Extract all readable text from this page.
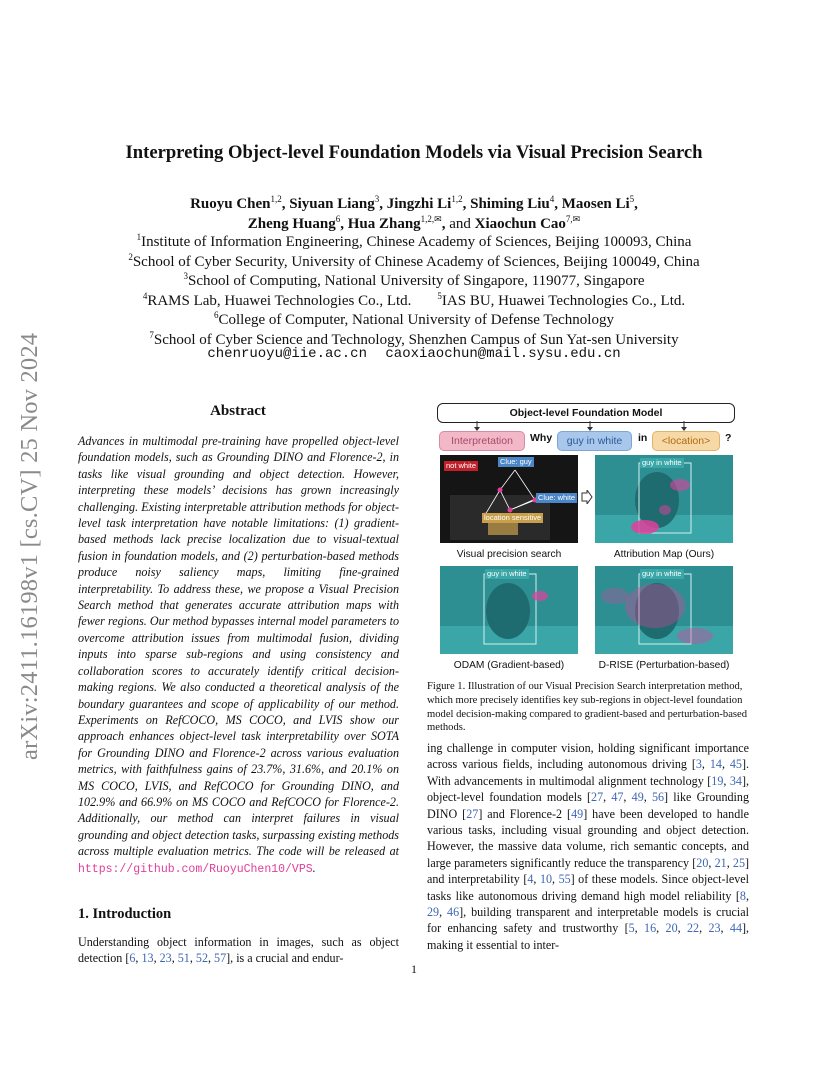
arXiv:2411.16198v1 [cs.CV] 25 Nov 2024
Interpreting Object-level Foundation Models via Visual Precision Search
Ruoyu Chen$^{1,2}$, Siyuan Liang$^3$, Jingzhi Li$^{1,2}$, Shiming Liu$^4$, Maosen Li$^5$,
Zheng Huang$^6$, Hua Zhang$^{1,2,✉}$, and Xiaochun Cao$^{7,✉}$
$^1$Institute of Information Engineering, Chinese Academy of Sciences, Beijing 100093, China
$^2$School of Cyber Security, University of Chinese Academy of Sciences, Beijing 100049, China
$^3$School of Computing, National University of Singapore, 119077, Singapore
$^4$RAMS Lab, Huawei Technologies Co., Ltd.	$^5$IAS BU, Huawei Technologies Co., Ltd.
$^6$College of Computer, National University of Defense Technology
$^7$School of Cyber Science and Technology, Shenzhen Campus of Sun Yat-sen University
chenruoyu@iie.ac.cn caoxiaochun@mail.sysu.edu.cn
Abstract
Advances in multimodal pre-training have propelled object-level foundation models, such as Grounding DINO and Florence-2, in tasks like visual grounding and object detection. However, interpreting these models’ decisions has grown increasingly challenging. Existing interpretable attribution methods for object-level task interpretation have notable limitations: (1) gradient-based methods lack precise localization due to visual-textual fusion in foundation models, and (2) perturbation-based methods produce noisy saliency maps, limiting fine-grained interpretability. To address these, we propose a Visual Precision Search method that generates accurate attribution maps with fewer regions. Our method bypasses internal model parameters to overcome attribution issues from multimodal fusion, dividing inputs into sparse sub-regions and using consistency and collaboration scores to accurately identify critical decision-making regions. We also conducted a theoretical analysis of the boundary guarantees and scope of applicability of our method. Experiments on RefCOCO, MS COCO, and LVIS show our approach enhances object-level task interpretability over SOTA for Grounding DINO and Florence-2 across various evaluation metrics, with faithfulness gains of 23.7%, 31.6%, and 20.1% on MS COCO, LVIS, and RefCOCO for Grounding DINO, and 102.9% and 66.9% on MS COCO and RefCOCO for Florence-2. Additionally, our method can interpret failures in visual grounding and object detection tasks, surpassing existing methods across multiple evaluation metrics. The code will be released at https://github.com/RuoyuChen10/VPS.
1. Introduction
Understanding object information in images, such as object detection [6, 13, 23, 51, 52, 57], is a crucial and endur-
ing challenge in computer vision, holding significant importance across various fields, including autonomous driving [3, 14, 45]. With advancements in multimodal alignment technology [19, 34], object-level foundation models [27, 47, 49, 56] like Grounding DINO [27] and Florence-2 [49] have been developed to handle various tasks, including visual grounding and object detection. However, the massive data volume, rich semantic concepts, and large parameters significantly reduce the transparency [20, 21, 25] and interpretability [4, 10, 55] of these models. Since object-level tasks like autonomous driving demand high model reliability [8, 29, 46], building transparent and interpretable models is crucial for enhancing safety and trustworthy [5, 16, 20, 22, 23, 44], making it essential to inter-
Object-level Foundation Model
Interpretation	Why	guy in white	in	<location>	?
not white	Clue: guy
Clue: white
location sensitive
guy in white
Visual precision search	Attribution Map (Ours)
guy in white	guy in white
ODAM (Gradient-based)	D-RISE (Perturbation-based)
Figure 1. Illustration of our Visual Precision Search interpretation method, which more precisely identifies key sub-regions in object-level foundation model decision-making compared to gradient-based and perturbation-based methods.
1
